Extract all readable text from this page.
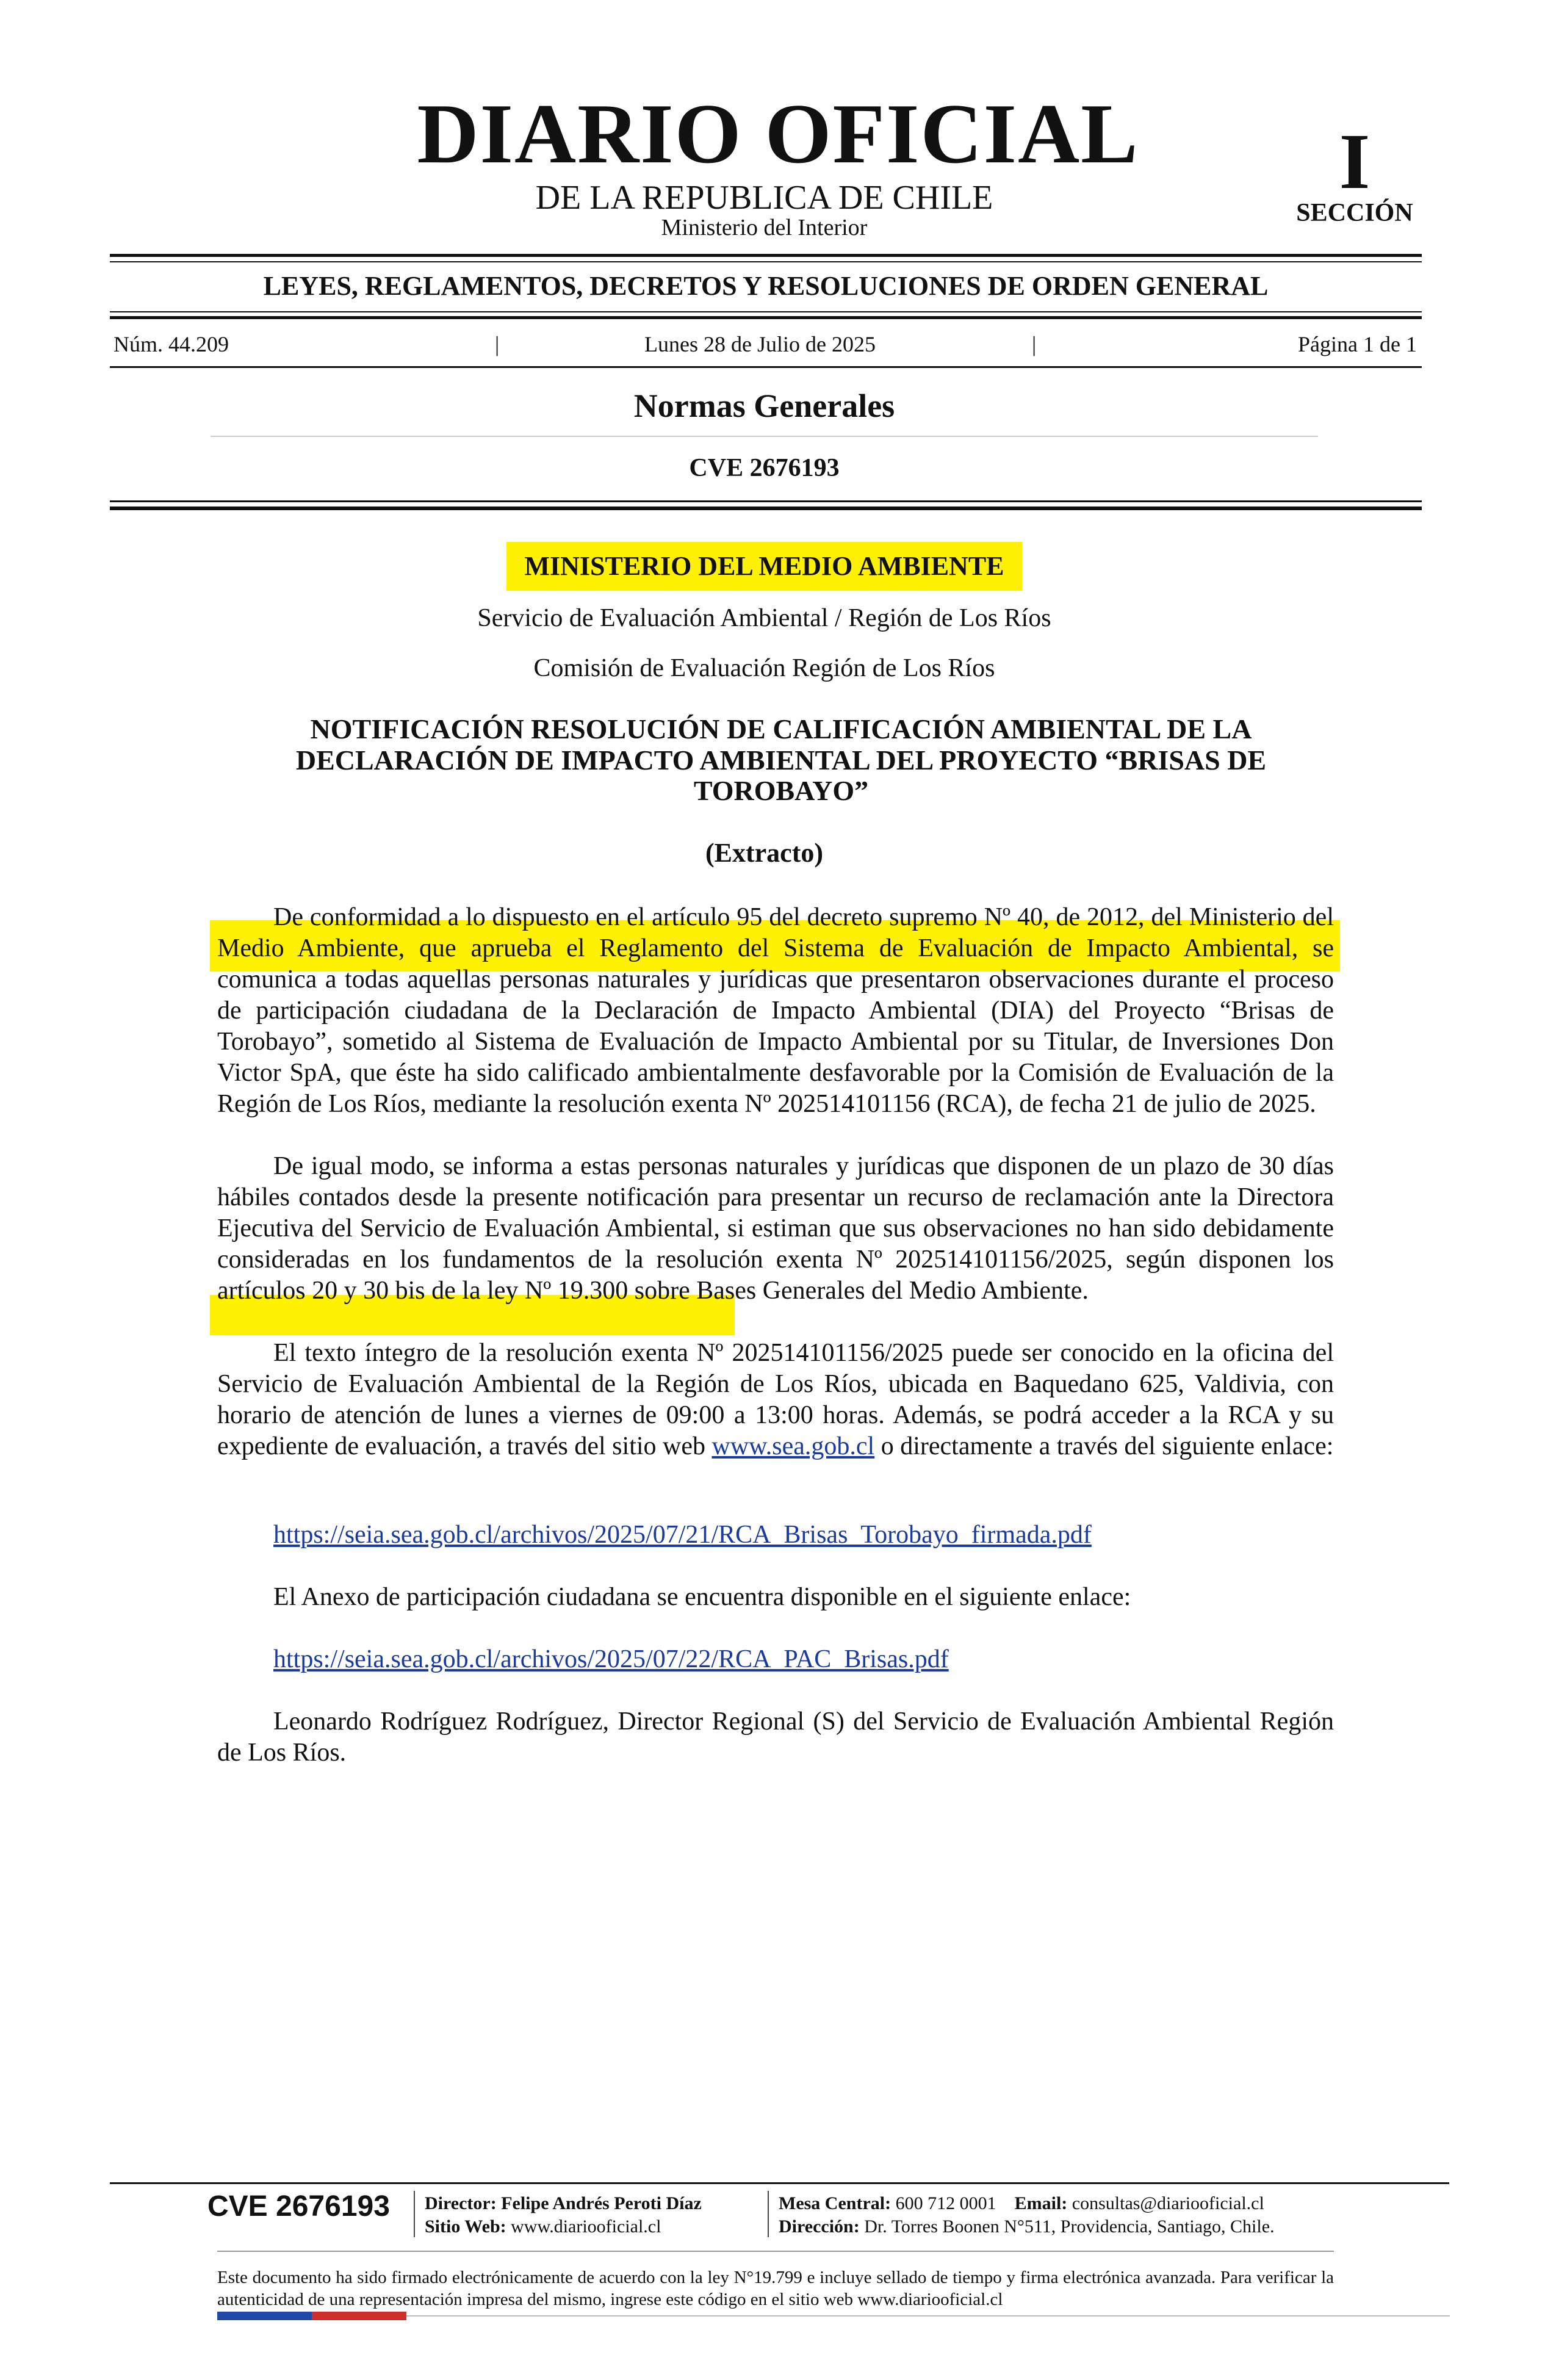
DIARIO OFICIAL
DE LA REPUBLICA DE CHILE
Ministerio del Interior
I
SECCIÓN
LEYES, REGLAMENTOS, DECRETOS Y RESOLUCIONES DE ORDEN GENERAL
Núm. 44.209	|	Lunes 28 de Julio de 2025	|	Página 1 de 1
Normas Generales
CVE 2676193
MINISTERIO DEL MEDIO AMBIENTE
Servicio de Evaluación Ambiental / Región de Los Ríos
Comisión de Evaluación Región de Los Ríos
NOTIFICACIÓN RESOLUCIÓN DE CALIFICACIÓN AMBIENTAL DE LA
DECLARACIÓN DE IMPACTO AMBIENTAL DEL PROYECTO “BRISAS DE
TOROBAYO”
(Extracto)
De conformidad a lo dispuesto en el artículo 95 del decreto supremo Nº 40, de 2012, del Ministerio del Medio Ambiente, que aprueba el Reglamento del Sistema de Evaluación de Impacto Ambiental, se comunica a todas aquellas personas naturales y jurídicas que presentaron observaciones durante el proceso de participación ciudadana de la Declaración de Impacto Ambiental (DIA) del Proyecto “Brisas de Torobayo”, sometido al Sistema de Evaluación de Impacto Ambiental por su Titular, de Inversiones Don Victor SpA, que éste ha sido calificado ambientalmente desfavorable por la Comisión de Evaluación de la Región de Los Ríos, mediante la resolución exenta Nº 202514101156 (RCA), de fecha 21 de julio de 2025.
De igual modo, se informa a estas personas naturales y jurídicas que disponen de un plazo de 30 días hábiles contados desde la presente notificación para presentar un recurso de reclamación ante la Directora Ejecutiva del Servicio de Evaluación Ambiental, si estiman que sus observaciones no han sido debidamente consideradas en los fundamentos de la resolución exenta Nº 202514101156/2025, según disponen los artículos 20 y 30 bis de la ley Nº 19.300 sobre Bases Generales del Medio Ambiente.
El texto íntegro de la resolución exenta Nº 202514101156/2025 puede ser conocido en la oficina del Servicio de Evaluación Ambiental de la Región de Los Ríos, ubicada en Baquedano 625, Valdivia, con horario de atención de lunes a viernes de 09:00 a 13:00 horas. Además, se podrá acceder a la RCA y su expediente de evaluación, a través del sitio web www.sea.gob.cl o directamente a través del siguiente enlace:
https://seia.sea.gob.cl/archivos/2025/07/21/RCA_Brisas_Torobayo_firmada.pdf
El Anexo de participación ciudadana se encuentra disponible en el siguiente enlace:
https://seia.sea.gob.cl/archivos/2025/07/22/RCA_PAC_Brisas.pdf
Leonardo Rodríguez Rodríguez, Director Regional (S) del Servicio de Evaluación Ambiental Región de Los Ríos.
CVE 2676193 Director: Felipe Andrés Peroti Díaz
Sitio Web: www.diariooficial.cl
Mesa Central: 600 712 0001 Email: consultas@diariooficial.cl
Dirección: Dr. Torres Boonen N°511, Providencia, Santiago, Chile.
Este documento ha sido firmado electrónicamente de acuerdo con la ley N°19.799 e incluye sellado de tiempo y firma electrónica avanzada. Para verificar la autenticidad de una representación impresa del mismo, ingrese este código en el sitio web www.diariooficial.cl
